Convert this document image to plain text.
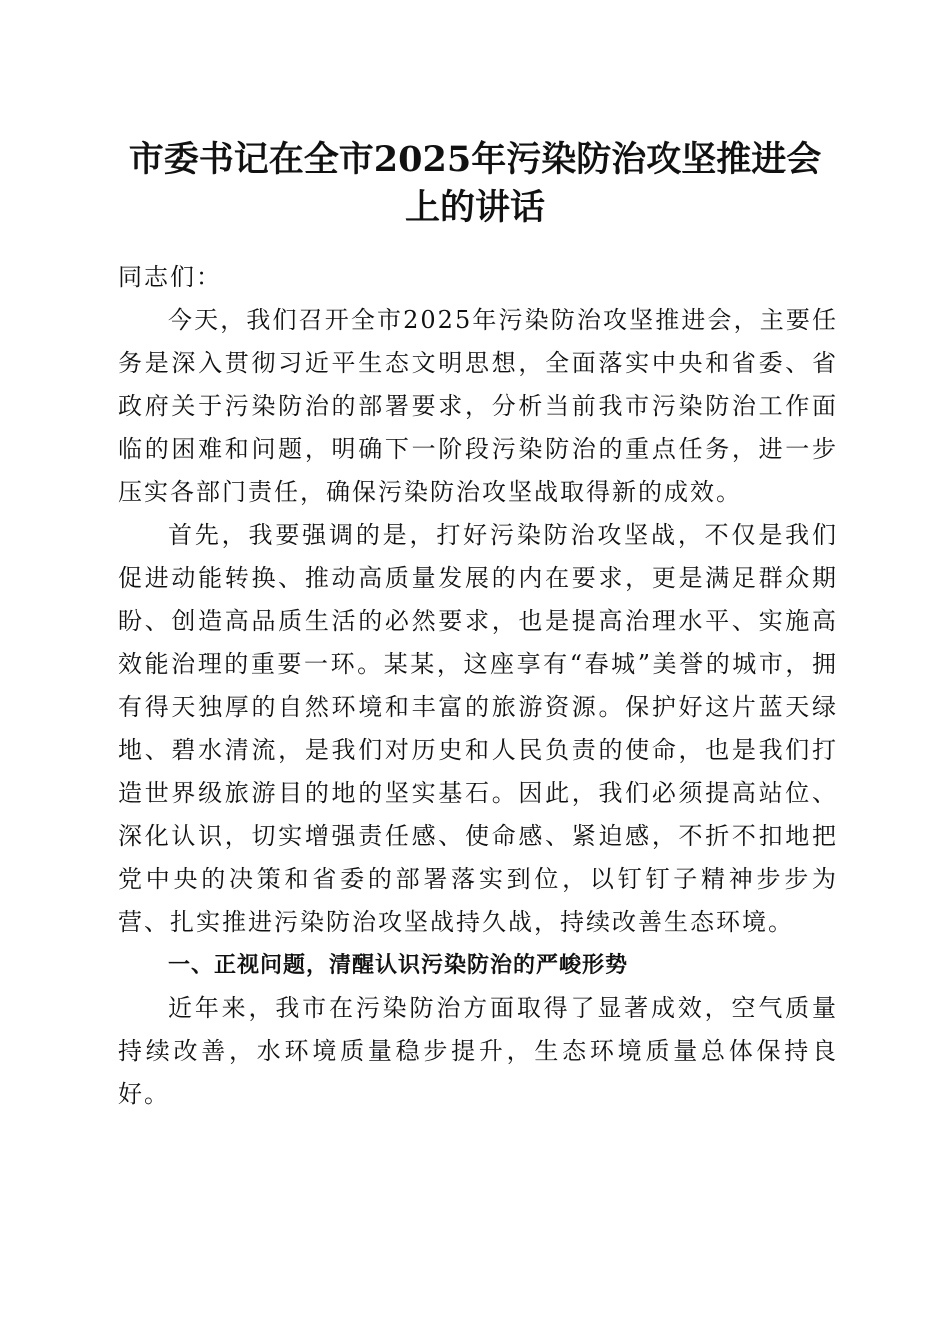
市委书记在全市2025年污染防治攻坚推进会
上的讲话

同志们：

今天，我们召开全市2025年污染防治攻坚推进会，主要任务是深入贯彻习近平生态文明思想，全面落实中央和省委、省政府关于污染防治的部署要求，分析当前我市污染防治工作面临的困难和问题，明确下一阶段污染防治的重点任务，进一步压实各部门责任，确保污染防治攻坚战取得新的成效。

首先，我要强调的是，打好污染防治攻坚战，不仅是我们促进动能转换、推动高质量发展的内在要求，更是满足群众期盼、创造高品质生活的必然要求，也是提高治理水平、实施高效能治理的重要一环。某某，这座享有“春城”美誉的城市，拥有得天独厚的自然环境和丰富的旅游资源。保护好这片蓝天绿地、碧水清流，是我们对历史和人民负责的使命，也是我们打造世界级旅游目的地的坚实基石。因此，我们必须提高站位、深化认识，切实增强责任感、使命感、紧迫感，不折不扣地把党中央的决策和省委的部署落实到位，以钉钉子精神步步为营、扎实推进污染防治攻坚战持久战，持续改善生态环境。

一、正视问题，清醒认识污染防治的严峻形势

近年来，我市在污染防治方面取得了显著成效，空气质量持续改善，水环境质量稳步提升，生态环境质量总体保持良好。
